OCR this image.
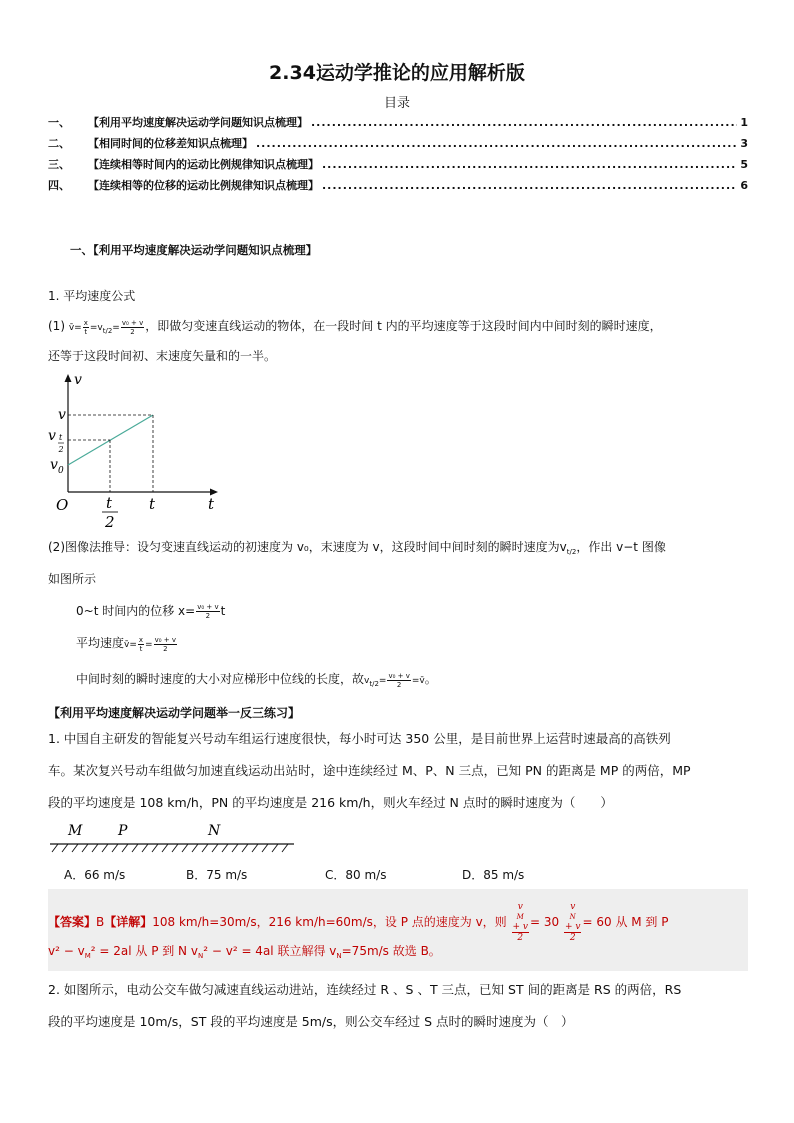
2.34运动学推论的应用解析版
目录
一、	【利用平均速度解决运动学问题知识点梳理】 .....	1
二、	【相同时间的位移差知识点梳理】 .....	3
三、	【连续相等时间内的运动比例规律知识点梳理】 .....	5
四、	【连续相等的位移的运动比例规律知识点梳理】 .....	6
一、【利用平均速度解决运动学问题知识点梳理】
1. 平均速度公式
(1) v̄= $\frac{x}{t} =v_{t/2}= \frac{\text{v₀ + v}}{2}$ ，即做匀变速直线运动的物体，在一段时间 t 内的平均速度等于这段时间内中间时刻的瞬时速度，
还等于这段时间初、末速度矢量和的一半。
v
t
O
v
v t
2
v 0
t
2
t
(2)图像法推导：设匀变速直线运动的初速度为 v₀，末速度为 v，这段时间中间时刻的瞬时速度为$v_{t/2}$，作出 v−t 图像
如图所示
0~t 时间内的位移 $x= \frac{\text{v₀ + v}}{2}$ t
平均速度v̄= $\frac{x}{t} = \frac{\text{v₀ + v}}{2}$
中间时刻的瞬时速度的大小对应梯形中位线的长度，故$v_{t/2}= \frac{\text{v₀ + v}}{2}$ =v̄。
【利用平均速度解决运动学问题举一反三练习】
1. 中国自主研发的智能复兴号动车组运行速度很快，每小时可达 350 公里，是目前世界上运营时速最高的高铁列
车。某次复兴号动车组做匀加速直线运动出站时，途中连续经过 M、P、N 三点，已知 PN 的距离是 MP 的两倍，MP
段的平均速度是 108 km/h，PN 的平均速度是 216 km/h，则火车经过 N 点时的瞬时速度为（　　）
M	P	N
A．66 m/s	B．75 m/s	C．80 m/s	D．85 m/s
【答案】B【详解】108 km/h=30m/s，216 km/h=60m/s，设 P 点的速度为 v，则 v
M
+ v
2 = 30 v
N
+ v
2 = 60 从 M 到 P
$v^2 - v_M^2 = 2al$ 从 P 到 N $v_N^2 - v^2 = 4al$ 联立解得 $v_N=75m/s$ 故选 B。
2. 如图所示，电动公交车做匀减速直线运动进站，连续经过 R 、S 、T 三点，已知 ST 间的距离是 RS 的两倍，RS
段的平均速度是 10m/s，ST 段的平均速度是 5m/s，则公交车经过 S 点时的瞬时速度为（　）
